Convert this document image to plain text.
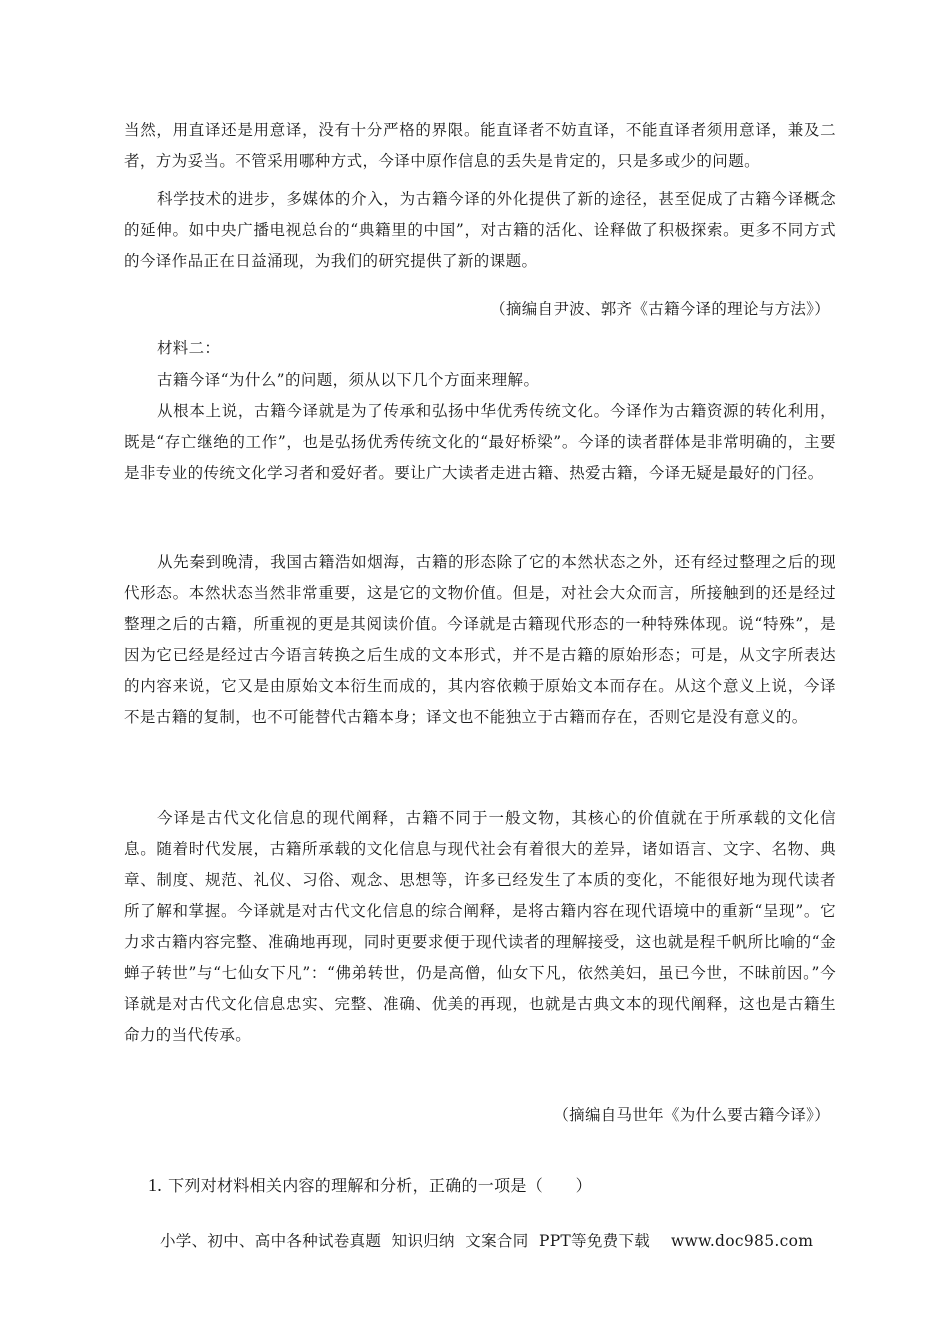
当然，用直译还是用意译，没有十分严格的界限。能直译者不妨直译，不能直译者须用意译，兼及二者，方为妥当。不管采用哪种方式，今译中原作信息的丢失是肯定的，只是多或少的问题。

科学技术的进步，多媒体的介入，为古籍今译的外化提供了新的途径，甚至促成了古籍今译概念的延伸。如中央广播电视总台的“典籍里的中国”，对古籍的活化、诠释做了积极探索。更多不同方式的今译作品正在日益涌现，为我们的研究提供了新的课题。

（摘编自尹波、郭齐《古籍今译的理论与方法》）
材料二：

古籍今译“为什么”的问题，须从以下几个方面来理解。

从根本上说，古籍今译就是为了传承和弘扬中华优秀传统文化。今译作为古籍资源的转化利用，既是“存亡继绝的工作”，也是弘扬优秀传统文化的“最好桥梁”。今译的读者群体是非常明确的，主要是非专业的传统文化学习者和爱好者。要让广大读者走进古籍、热爱古籍，今译无疑是最好的门径。

从先秦到晚清，我国古籍浩如烟海，古籍的形态除了它的本然状态之外，还有经过整理之后的现代形态。本然状态当然非常重要，这是它的文物价值。但是，对社会大众而言，所接触到的还是经过整理之后的古籍，所重视的更是其阅读价值。今译就是古籍现代形态的一种特殊体现。说“特殊”，是因为它已经是经过古今语言转换之后生成的文本形式，并不是古籍的原始形态；可是，从文字所表达的内容来说，它又是由原始文本衍生而成的，其内容依赖于原始文本而存在。从这个意义上说，今译不是古籍的复制，也不可能替代古籍本身；译文也不能独立于古籍而存在，否则它是没有意义的。

今译是古代文化信息的现代阐释，古籍不同于一般文物，其核心的价值就在于所承载的文化信息。随着时代发展，古籍所承载的文化信息与现代社会有着很大的差异，诸如语言、文字、名物、典章、制度、规范、礼仪、习俗、观念、思想等，许多已经发生了本质的变化，不能很好地为现代读者所了解和掌握。今译就是对古代文化信息的综合阐释，是将古籍内容在现代语境中的重新“呈现”。它力求古籍内容完整、准确地再现，同时更要求便于现代读者的理解接受，这也就是程千帆所比喻的“金蝉子转世”与“七仙女下凡”：“佛弟转世，仍是高僧，仙女下凡，依然美妇，虽已今世，不昧前因。”今译就是对古代文化信息忠实、完整、准确、优美的再现，也就是古典文本的现代阐释，这也是古籍生命力的当代传承。

（摘编自马世年《为什么要古籍今译》）
1. 下列对材料相关内容的理解和分析，正确的一项是（　　）
小学、初中、高中各种试卷真题  知识归纳  文案合同  PPT等免费下载    www.doc985.com
